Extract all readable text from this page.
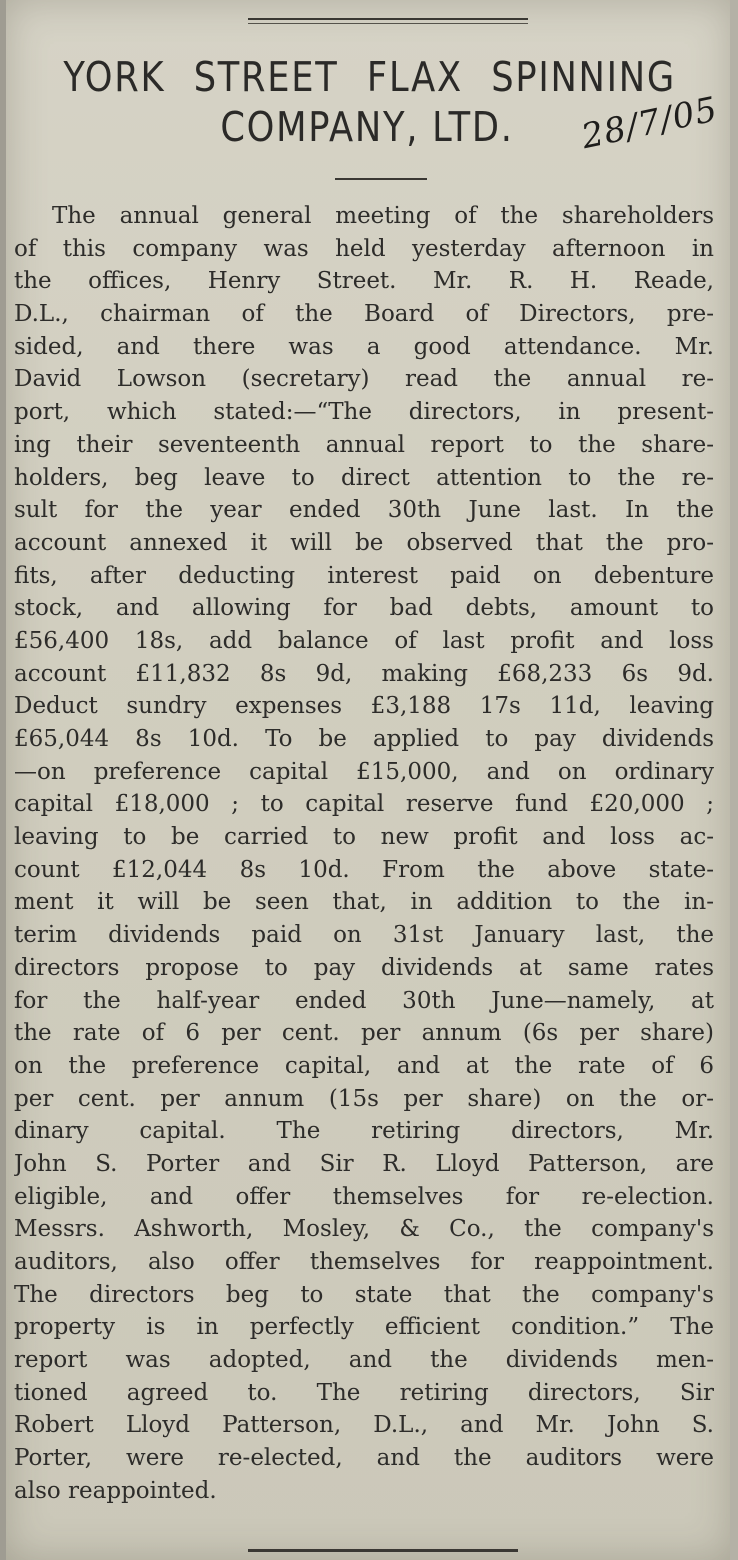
YORK STREET FLAX SPINNING
COMPANY, LTD.	28/7/05
The annual general meeting of the shareholders
of this company was held yesterday afternoon in
the offices, Henry Street. Mr. R. H. Reade,
D.L., chairman of the Board of Directors, pre-
sided, and there was a good attendance. Mr.
David Lowson (secretary) read the annual re-
port, which stated:—“The directors, in present-
ing their seventeenth annual report to the share-
holders, beg leave to direct attention to the re-
sult for the year ended 30th June last. In the
account annexed it will be observed that the pro-
fits, after deducting interest paid on debenture
stock, and allowing for bad debts, amount to
£56,400 18s, add balance of last profit and loss
account £11,832 8s 9d, making £68,233 6s 9d.
Deduct sundry expenses £3,188 17s 11d, leaving
£65,044 8s 10d. To be applied to pay dividends
—on preference capital £15,000, and on ordinary
capital £18,000 ; to capital reserve fund £20,000 ;
leaving to be carried to new profit and loss ac-
count £12,044 8s 10d. From the above state-
ment it will be seen that, in addition to the in-
terim dividends paid on 31st January last, the
directors propose to pay dividends at same rates
for the half-year ended 30th June—namely, at
the rate of 6 per cent. per annum (6s per share)
on the preference capital, and at the rate of 6
per cent. per annum (15s per share) on the or-
dinary capital. The retiring directors, Mr.
John S. Porter and Sir R. Lloyd Patterson, are
eligible, and offer themselves for re-election.
Messrs. Ashworth, Mosley, & Co., the company's
auditors, also offer themselves for reappointment.
The directors beg to state that the company's
property is in perfectly efficient condition.” The
report was adopted, and the dividends men-
tioned agreed to. The retiring directors, Sir
Robert Lloyd Patterson, D.L., and Mr. John S.
Porter, were re-elected, and the auditors were
also reappointed.
